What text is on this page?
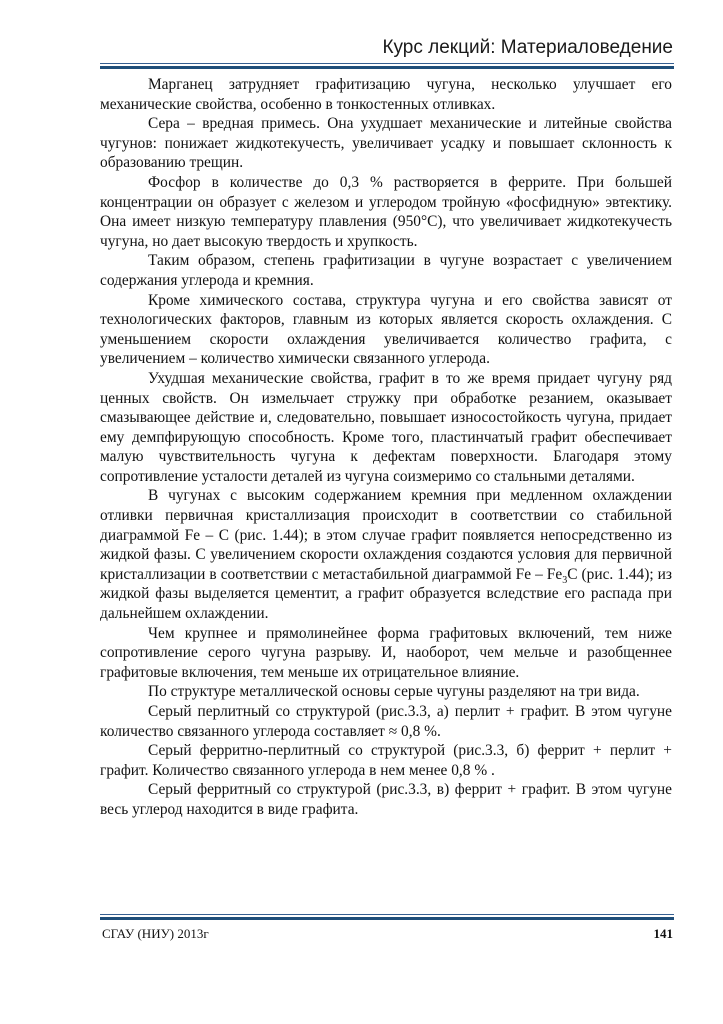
Курс лекций: Материаловедение

Марганец затрудняет графитизацию чугуна, несколько улучшает его механические свойства, особенно в тонкостенных отливках.

Сера – вредная примесь. Она ухудшает механические и литейные свойства чугунов: понижает жидкотекучесть, увеличивает усадку и повышает склонность к образованию трещин.

Фосфор в количестве до 0,3 % растворяется в феррите. При большей концентрации он образует с железом и углеродом тройную «фосфидную» эвтектику. Она имеет низкую температуру плавления (950°С), что увеличивает жидкотекучесть чугуна, но дает высокую твердость и хрупкость.

Таким образом, степень графитизации в чугуне возрастает с увеличением содержания углерода и кремния.

Кроме химического состава, структура чугуна и его свойства зависят от технологических факторов, главным из которых является скорость охлаждения. С уменьшением скорости охлаждения увеличивается количество графита, с увеличением – количество химически связанного углерода.

Ухудшая механические свойства, графит в то же время придает чугуну ряд ценных свойств. Он измельчает стружку при обработке резанием, оказывает смазывающее действие и, следовательно, повышает износостойкость чугуна, придает ему демпфирующую способность. Кроме того, пластинчатый графит обеспечивает малую чувствительность чугуна к дефектам поверхности. Благодаря этому сопротивление усталости деталей из чугуна соизмеримо со стальными деталями.

В чугунах с высоким содержанием кремния при медленном охлаждении отливки первичная кристаллизация происходит в соответствии со стабильной диаграммой Fe – C (рис. 1.44); в этом случае графит появляется непосредственно из жидкой фазы. С увеличением скорости охлаждения создаются условия для первичной кристаллизации в соответствии с метастабильной диаграммой Fe – $Fe_3C$ (рис. 1.44); из жидкой фазы выделяется цементит, а графит образуется вследствие его распада при дальнейшем охлаждении.

Чем крупнее и прямолинейнее форма графитовых включений, тем ниже сопротивление серого чугуна разрыву. И, наоборот, чем мельче и разобщеннее графитовые включения, тем меньше их отрицательное влияние.

По структуре металлической основы серые чугуны разделяют на три вида.

Серый перлитный со структурой (рис.3.3, а) перлит + графит. В этом чугуне количество связанного углерода составляет ≈ 0,8 %.

Серый ферритно-перлитный со структурой (рис.3.3, б) феррит + перлит + графит. Количество связанного углерода в нем менее 0,8 % .

Серый ферритный со структурой (рис.3.3, в) феррит + графит. В этом чугуне весь углерод находится в виде графита.

СГАУ (НИУ) 2013г	141
